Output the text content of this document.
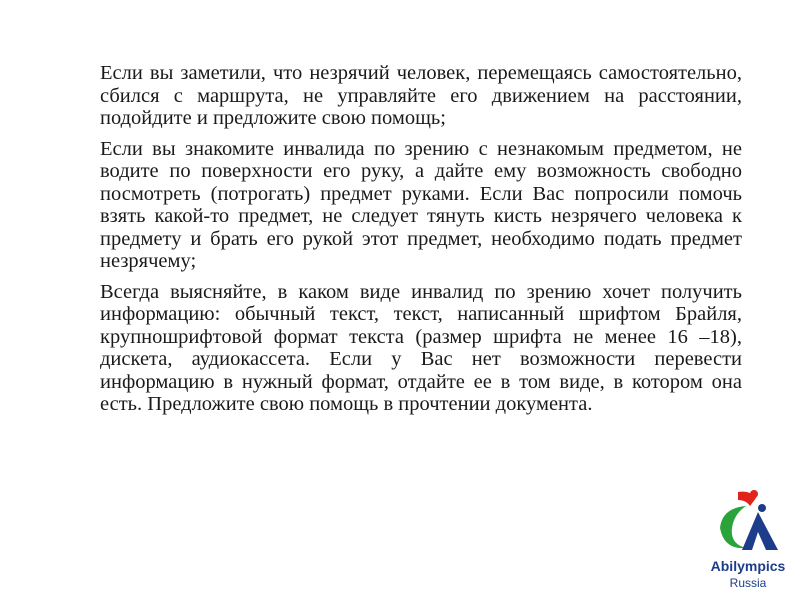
Если вы заметили, что незрячий человек, перемещаясь самостоятельно, сбился с маршрута, не управляйте его движением на расстоянии, подойдите и предложите свою помощь;
Если вы знакомите инвалида по зрению с незнакомым предметом, не водите по поверхности его руку, а дайте ему возможность свободно посмотреть (потрогать) предмет руками. Если Вас попросили помочь взять какой-то предмет, не следует тянуть кисть незрячего человека к предмету и брать его рукой этот предмет, необходимо подать предмет незрячему;
Всегда выясняйте, в каком виде инвалид по зрению хочет получить информацию: обычный текст, текст, написанный шрифтом Брайля, крупношрифтовой формат текста (размер шрифта не менее 16 –18), дискета, аудиокассета. Если у Вас нет возможности перевести информацию в нужный формат, отдайте ее в том виде, в котором она есть. Предложите свою помощь в прочтении документа.
Abilympics
Russia
